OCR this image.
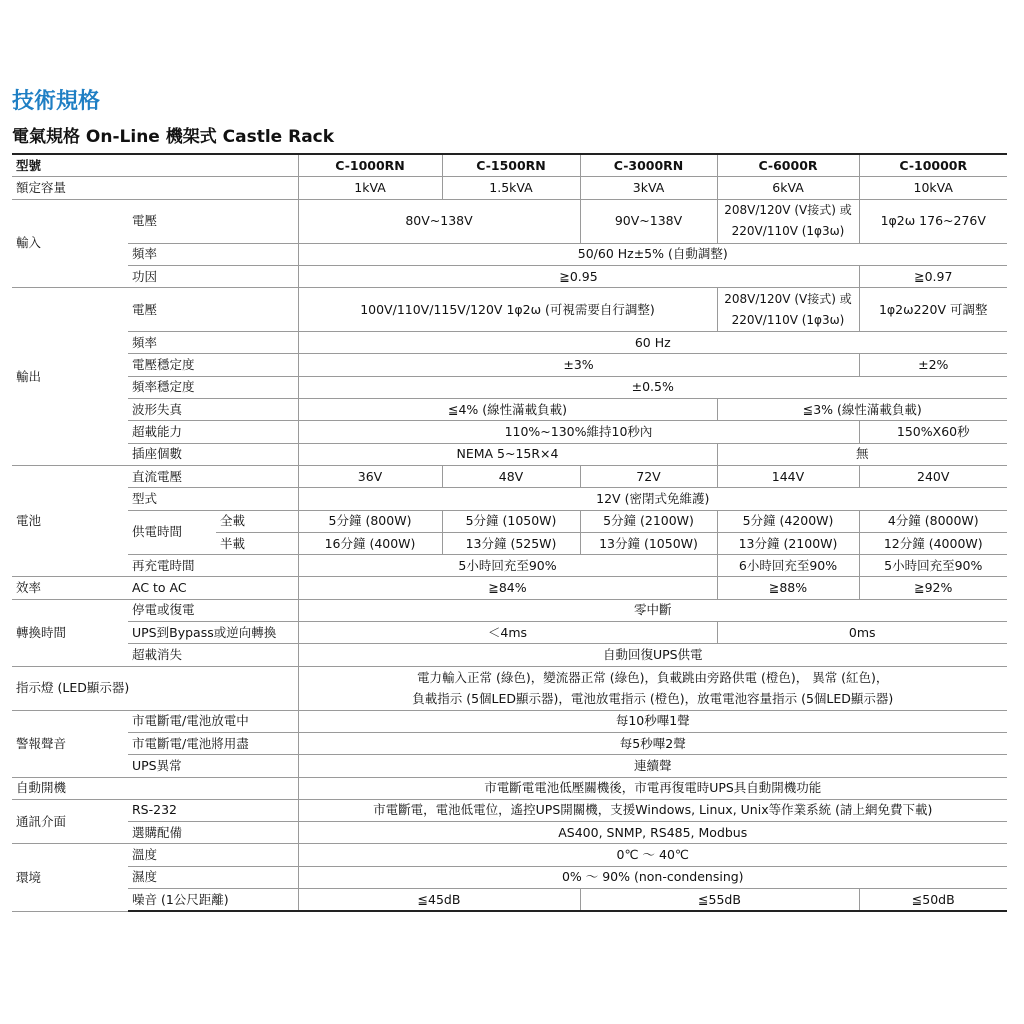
技術規格
電氣規格 On-Line 機架式 Castle Rack
型號			C-1000RN	C-1500RN	C-3000RN	C-6000R	C-10000R
額定容量			1kVA	1.5kVA	3kVA	6kVA	10kVA
輸入	電壓		80V~138V		90V~138V	208V/120V (V接式) 或 220V/110V (1φ3ω)	1φ2ω 176~276V
	頻率		50/60 Hz±5% (自動調整)				
	功因		≧0.95				≧0.97
輸出	電壓		100V/110V/115V/120V 1φ2ω (可視需要自行調整)			208V/120V (V接式) 或 220V/110V (1φ3ω)	1φ2ω220V 可調整
	頻率		60 Hz				
	電壓穩定度		±3%				±2%
	頻率穩定度		±0.5%				
	波形失真		≦4% (線性滿載負載)			≦3% (線性滿載負載)	
	超載能力		110%~130%維持10秒內				150%X60秒
	插座個數		NEMA 5~15R×4			無	
電池	直流電壓		36V	48V	72V	144V	240V
	型式		12V (密閉式免維護)				
	供電時間	全載	5分鐘 (800W)	5分鐘 (1050W)	5分鐘 (2100W)	5分鐘 (4200W)	4分鐘 (8000W)
		半載	16分鐘 (400W)	13分鐘 (525W)	13分鐘 (1050W)	13分鐘 (2100W)	12分鐘 (4000W)
	再充電時間		5小時回充至90%			6小時回充至90%	5小時回充至90%
效率	AC to AC		≧84%			≧88%	≧92%
轉換時間	停電或復電		零中斷				
	UPS到Bypass或逆向轉換		＜4ms			0ms	
	超載消失		自動回復UPS供電				
指示燈 (LED顯示器)			電力輸入正常 (綠色)，變流器正常 (綠色)，負載跳由旁路供電 (橙色)， 異常 (紅色)，
負載指示 (5個LED顯示器)，電池放電指示 (橙色)，放電電池容量指示 (5個LED顯示器)				

警報聲音	市電斷電/電池放電中		每10秒嗶1聲				
	市電斷電/電池將用盡		每5秒嗶2聲				
	UPS異常		連續聲				
自動開機			市電斷電電池低壓關機後，市電再復電時UPS具自動開機功能				
通訊介面	RS-232		市電斷電，電池低電位，遙控UPS開關機，支援Windows, Linux, Unix等作業系統 (請上網免費下載)				
	選購配備		AS400, SNMP, RS485, Modbus				
環境	溫度		0℃ ～ 40℃				
	濕度		0% ～ 90% (non-condensing)				
	噪音 (1公尺距離)		≦45dB		≦55dB		≦50dB
